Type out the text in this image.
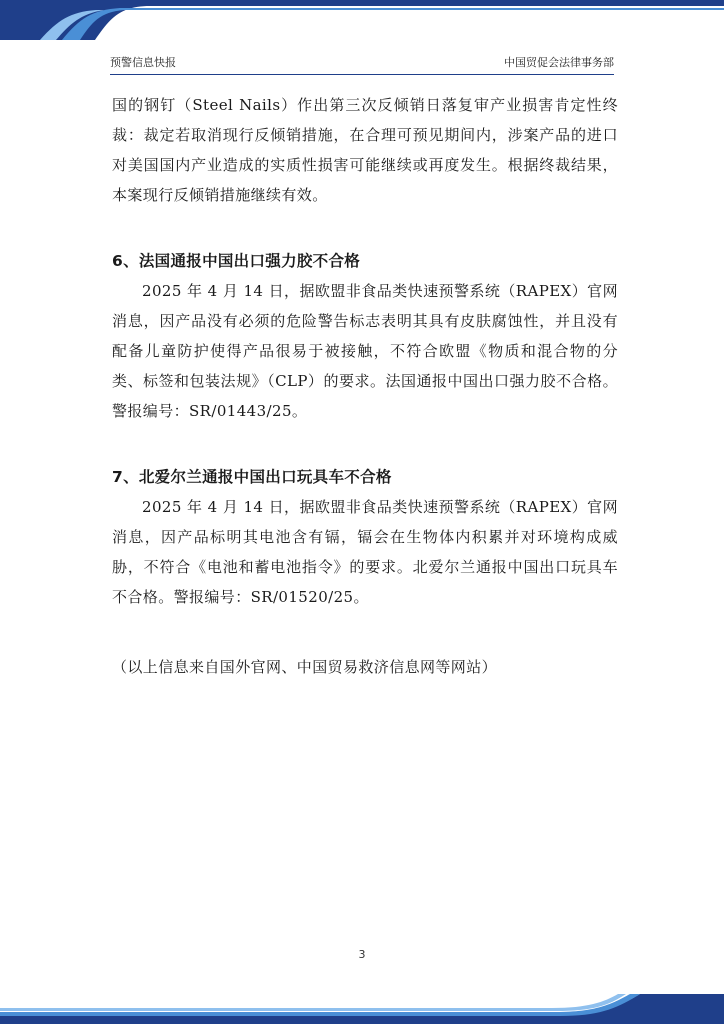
预警信息快报	中国贸促会法律事务部

国的钢钉（Steel Nails）作出第三次反倾销日落复审产业损害肯定性终裁：裁定若取消现行反倾销措施，在合理可预见期间内，涉案产品的进口对美国国内产业造成的实质性损害可能继续或再度发生。根据终裁结果，本案现行反倾销措施继续有效。

6、法国通报中国出口强力胶不合格

2025 年 4 月 14 日，据欧盟非食品类快速预警系统（RAPEX）官网消息，因产品没有必须的危险警告标志表明其具有皮肤腐蚀性，并且没有配备儿童防护使得产品很易于被接触，不符合欧盟《物质和混合物的分类、标签和包装法规》（CLP）的要求。法国通报中国出口强力胶不合格。警报编号：SR/01443/25。

7、北爱尔兰通报中国出口玩具车不合格

2025 年 4 月 14 日，据欧盟非食品类快速预警系统（RAPEX）官网消息，因产品标明其电池含有镉，镉会在生物体内积累并对环境构成威胁，不符合《电池和蓄电池指令》的要求。北爱尔兰通报中国出口玩具车不合格。警报编号：SR/01520/25。

（以上信息来自国外官网、中国贸易救济信息网等网站）

3
